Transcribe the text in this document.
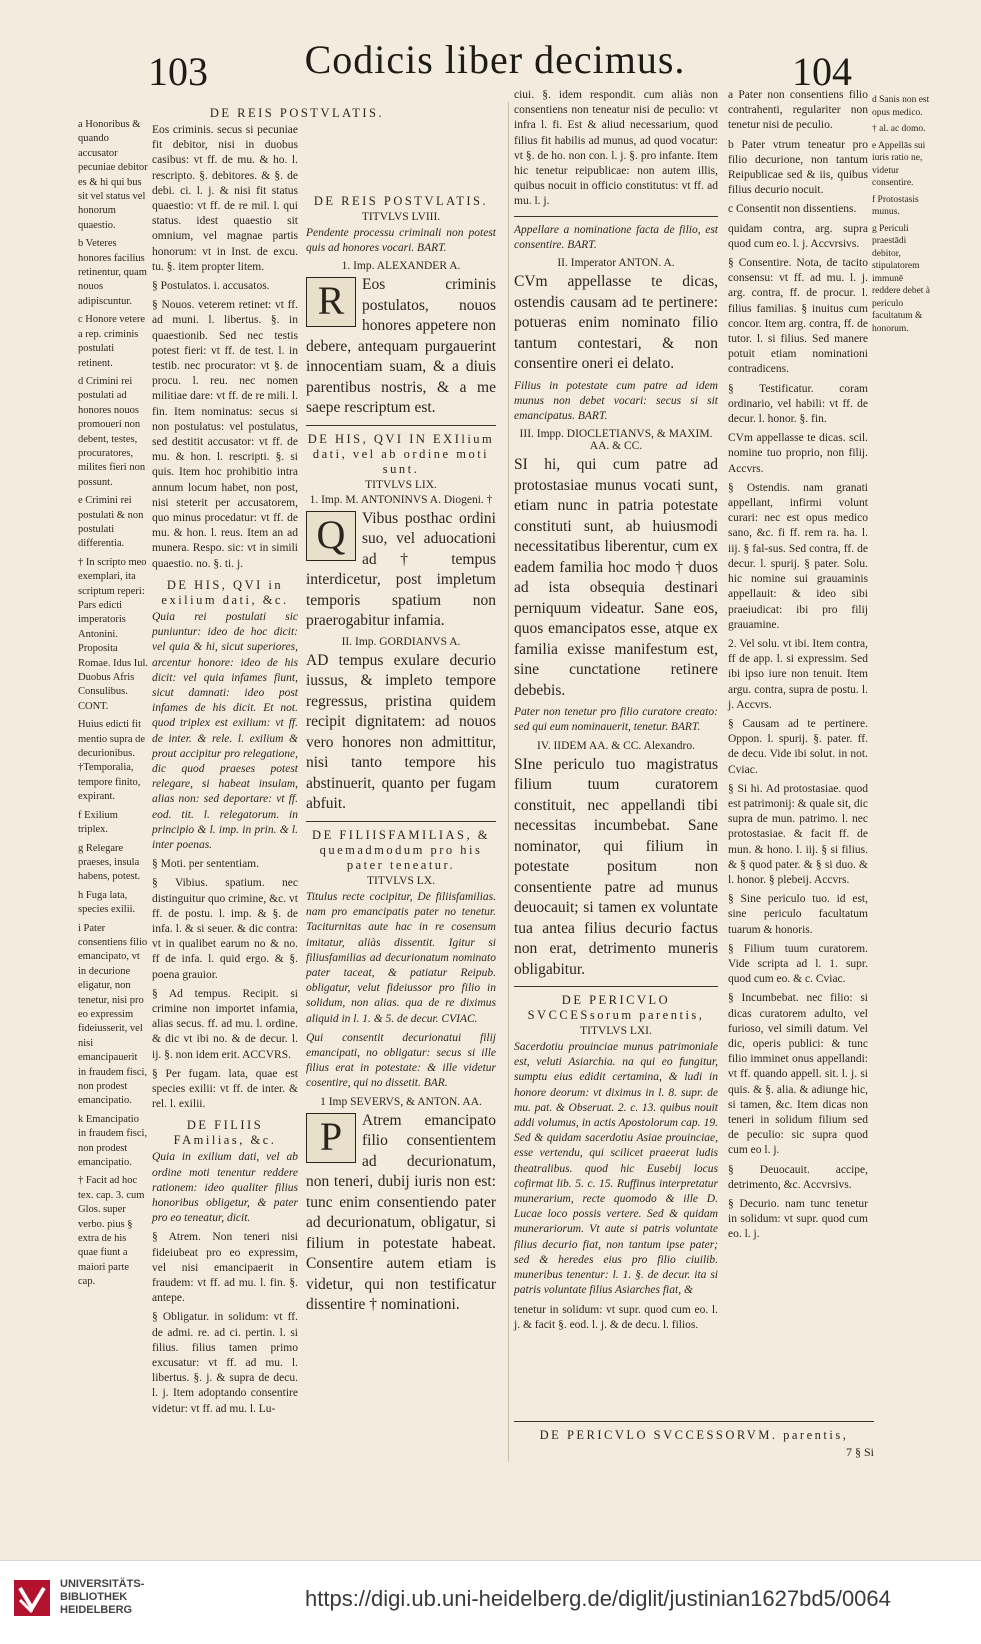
103 Codicis liber decimus.	104

a Honoribus & quando accusator pecuniae debitor es & hi qui bus sit vel status vel honorum quaestio.

b Veteres honores facilius retinentur, quam nouos adipiscuntur.

c Honore vetere a rep. criminis postulati retinent.

d Crimini rei postulati ad honores nouos promoueri non debent, testes, procuratores, milites fieri non possunt.

e Crimini rei postulati & non postulati differentia.

† In scripto meo exemplari, ita scriptum reperi: Pars edicti imperatoris Antonini. Proposita Romae. Idus Iul. Duobus Afris Consulibus. CONT.

Huius edicti fit mentio supra de decurionibus. †Temporalia, tempore finito, expirant.

f Exilium triplex.

g Relegare praeses, insula habens, potest.

h Fuga lata, species exilii.

i Pater consentiens filio emancipato, vt in decurione eligatur, non tenetur, nisi pro eo expressim fideiusserit, vel nisi emancipauerit in fraudem fisci, non prodest emancipatio.

k Emancipatio in fraudem fisci, non prodest emancipatio.

† Facit ad hoc tex. cap. 3. cum Glos. super verbo. pius § extra de his quae fiunt a maiori parte cap.

DE REIS POSTVLATIS.

Eos criminis. secus si pecuniae fit debitor, nisi in duobus casibus: vt ff. de mu. & ho. l. rescripto. §. debitores. & §. de debi. ci. l. j. & nisi fit status quaestio: vt ff. de re mil. l. qui status. idest quaestio sit omnium, vel magnae partis honorum: vt in Inst. de excu. tu. §. item propter litem.

§ Postulatos. i. accusatos.

§ Nouos. veterem retinet: vt ff. ad muni. l. libertus. §. in quaestionib. Sed nec testis potest fieri: vt ff. de test. l. in testib. nec procurator: vt §. de procu. l. reu. nec nomen militiae dare: vt ff. de re mili. l. fin. Item nominatus: secus si non postulatus: vel postulatus, sed destitit accusator: vt ff. de mu. & hon. l. rescripti. §. si quis. Item hoc prohibitio intra annum locum habet, non post, nisi steterit per accusatorem, quo minus procedatur: vt ff. de mu. & hon. l. reus. Item an ad munera. Respo. sic: vt in simili quaestio. no. §. ti. j.

DE HIS, QVI in exilium dati, &c.

Quia rei postulati sic puniuntur: ideo de hoc dicit: vel quia & hi, sicut superiores, arcentur honore: ideo de his dicit: vel quia infames fiunt, sicut damnati: ideo post infames de his dicit. Et not. quod triplex est exilium: vt ff. de inter. & rele. l. exilium & prout accipitur pro relegatione, dic quod praeses potest relegare, si habeat insulam, alias non: sed deportare: vt ff. eod. tit. l. relegatorum. in principio & l. imp. in prin. & l. inter poenas.

§ Moti. per sententiam.

§ Vibius. spatium. nec distinguitur quo crimine, &c. vt ff. de postu. l. imp. & §. de infa. l. & si seuer. & dic contra: vt in qualibet earum no & no. ff de infa. l. quid ergo. & §. poena grauior.

§ Ad tempus. Recipit. si crimine non importet infamia, alias secus. ff. ad mu. l. ordine. & dic vt ibi no. & de decur. l. ij. §. non idem erit. ACCVRS.

§ Per fugam. lata, quae est species exilii: vt ff. de inter. & rel. l. exilii.

DE FILIIS FAmilias, &c.

Quia in exilium dati, vel ab ordine moti tenentur reddere rationem: ideo qualiter filius honoribus obligetur, & pater pro eo teneatur, dicit.

§ Atrem. Non teneri nisi fideiubeat pro eo expressim, vel nisi emancipaerit in fraudem: vt ff. ad mu. l. fin. §. antepe.

§ Obligatur. in solidum: vt ff. de admi. re. ad ci. pertin. l. si filius. filius tamen primo excusatur: vt ff. ad mu. l. libertus. §. j. & supra de decu. l. j. Item adoptando consentire videtur: vt ff. ad mu. l. Lu-

DE REIS POSTVLATIS.
TITVLVS LVIII.

Pendente processu criminali non potest quis ad honores vocari. BART.

1. Imp. ALEXANDER A.

R	Eos criminis postulatos, nouos honores appetere non debere, antequam purgauerint innocentiam suam, & a diuis parentibus nostris, & a me saepe rescriptum est.

DE HIS, QVI IN EXIlium dati, vel ab ordine moti sunt.
TITVLVS LIX.
1. Imp. M. ANTONINVS A. Diogeni. †

Q	Vibus posthac ordini suo, vel aduocationi ad † tempus interdicetur, post impletum temporis spatium non praerogabitur infamia.

II. Imp. GORDIANVS A.

AD tempus exulare decurio iussus, & impleto tempore regressus, pristina quidem recipit dignitatem: ad nouos vero honores non admittitur, nisi tanto tempore his abstinuerit, quanto per fugam abfuit.

DE FILIISFAMILIAS, & quemadmodum pro his pater teneatur.
TITVLVS LX.

Titulus recte cocipitur, De filiisfamilias. nam pro emancipatis pater no tenetur. Taciturnitas aute hac in re cosensum imitatur, aliàs dissentit. Igitur si filiusfamilias ad decurionatum nominato pater taceat, & patiatur Reipub. obligatur, velut fideiussor pro filio in solidum, non alias. qua de re diximus aliquid in l. 1. & 5. de decur. CVIAC.

Qui consentit decurionatui filij emancipati, no obligatur: secus si ille filius erat in potestate: & ille videtur cosentire, qui no dissetit. BAR.

1 Imp SEVERVS, & ANTON. AA.

P	Atrem emancipato filio consentientem ad decurionatum, non teneri, dubij iuris non est: tunc enim consentiendo pater ad decurionatum, obligatur, si filium in potestate habeat. Consentire autem etiam is videtur, qui non testificatur dissentire † nominationi.

ciui. §. idem respondit. cum aliàs non consentiens non teneatur nisi de peculio: vt infra l. fi. Est & aliud necessarium, quod filius fit habilis ad munus, ad quod vocatur: vt §. de ho. non con. l. j. §. pro infante. Item hic tenetur reipublicae: non autem illis, quibus nocuit in officio constitutus: vt ff. ad mu. l. j.

Appellare a nominatione facta de filio, est consentire. BART.

II. Imperator ANTON. A.

CVm appellasse te dicas, ostendis causam ad te pertinere: potueras enim nominato filio tantum contestari, & non consentire oneri ei delato.

Filius in potestate cum patre ad idem munus non debet vocari: secus si sit emancipatus. BART.

III. Impp. DIOCLETIANVS, & MAXIM. AA. & CC.

SI hi, qui cum patre ad protostasiae munus vocati sunt, etiam nunc in patria potestate constituti sunt, ab huiusmodi necessitatibus liberentur, cum ex eadem familia hoc modo † duos ad ista obsequia destinari perniquum videatur. Sane eos, quos emancipatos esse, atque ex familia exisse manifestum est, sine cunctatione retinere debebis.

Pater non tenetur pro filio curatore creato: sed qui eum nominauerit, tenetur. BART.

IV. IIDEM AA. & CC. Alexandro.

SIne periculo tuo magistratus filium tuum curatorem constituit, nec appellandi tibi necessitas incumbebat. Sane nominator, qui filium in potestate positum non consentiente patre ad munus deuocauit; si tamen ex voluntate tua antea filius decurio factus non erat, detrimento muneris obligabitur.

DE PERICVLO SVCCESsorum parentis,
TITVLVS LXI.

Sacerdotiu prouinciae munus patrimoniale est, veluti Asiarchia. na qui eo fungitur, sumptu eius edidit certamina, & ludi in honore deorum: vt diximus in l. 8. supr. de mu. pat. & Obseruat. 2. c. 13. quibus nouit addi volumus, in actis Apostolorum cap. 19. Sed & quidam sacerdotiu Asiae prouinciae, esse vertendu, qui scilicet praeerat ludis theatralibus. quod hic Eusebij locus cofirmat lib. 5. c. 15. Ruffinus interpretatur munerarium, recte quomodo & ille D. Lucae loco possis vertere. Sed & quidam munerariorum. Vt aute si patris voluntate filius decurio fiat, non tantum ipse pater; sed & heredes eius pro filio ciuilib. muneribus tenentur: l. 1. §. de decur. ita si patris voluntate filius Asiarches fiat, &

tenetur in solidum: vt supr. quod cum eo. l. j. & facit §. eod. l. j. & de decu. l. filios.

a Pater non consentiens filio contrahenti, regulariter non tenetur nisi de peculio.

b Pater vtrum teneatur pro filio decurione, non tantum Reipublicae sed & iis, quibus filius decurio nocuit.

c Consentit non dissentiens.

quidam contra, arg. supra quod cum eo. l. j. Accvrsivs.

§ Consentire. Nota, de tacito consensu: vt ff. ad mu. l. j. arg. contra, ff. de procur. l. filius familias. § inuitus cum concor. Item arg. contra, ff. de tutor. l. si filius. Sed manere potuit etiam nominationi contradicens.

§ Testificatur. coram ordinario, vel habili: vt ff. de decur. l. honor. §. fin.

CVm appellasse te dicas. scil. nomine tuo proprio, non filij. Accvrs.

§ Ostendis. nam granati appellant, infirmi volunt curari: nec est opus medico sano, &c. fi ff. rem ra. ha. l. iij. § fal-sus. Sed contra, ff. de decur. l. spurij. § pater. Solu. hic nomine sui grauaminis appellauit: & ideo sibi praeiudicat: ibi pro filij grauamine.

2. Vel solu. vt ibi. Item contra, ff de app. l. si expressim. Sed ibi ipso iure non tenuit. Item argu. contra, supra de postu. l. j. Accvrs.

§ Causam ad te pertinere. Oppon. l. spurij. §. pater. ff. de decu. Vide ibi solut. in not. Cviac.

§ Si hi. Ad protostasiae. quod est patrimonij: & quale sit, dic supra de mun. patrimo. l. nec protostasiae. & facit ff. de mun. & hono. l. iij. § si filius. & § quod pater. & § si duo. & l. honor. § plebeij. Accvrs.

§ Sine periculo tuo. id est, sine periculo facultatum tuarum & honoris.

§ Filium tuum curatorem. Vide scripta ad l. 1. supr. quod cum eo. & c. Cviac.

§ Incumbebat. nec filio: si dicas curatorem adulto, vel furioso, vel simili datum. Vel dic, operis publici: & tunc filio imminet onus appellandi: vt ff. quando appell. sit. l. j. si quis. & §. alia. & adiunge hic, si tamen, &c. Item dicas non teneri in solidum filium sed de peculio: sic supra quod cum eo l. j.

§ Deuocauit. accipe, detrimento, &c. Accvrsivs.

§ Decurio. nam tunc tenetur in solidum: vt supr. quod cum eo. l. j.

d Sanis non est opus medico.

† al. ac domo.

e Appellās sui iuris ratio ne, videtur consentire.

f Protostasis munus.

g Periculi praestādi debitor, stipulatorem immunē reddere debet à periculo facultatum & honorum.

DE PERICVLO SVCCESSORVM. parentis,
7 § Si
UNIVERSITÄTS-
BIBLIOTHEK
HEIDELBERG	https://digi.ub.uni-heidelberg.de/diglit/justinian1627bd5/0064
